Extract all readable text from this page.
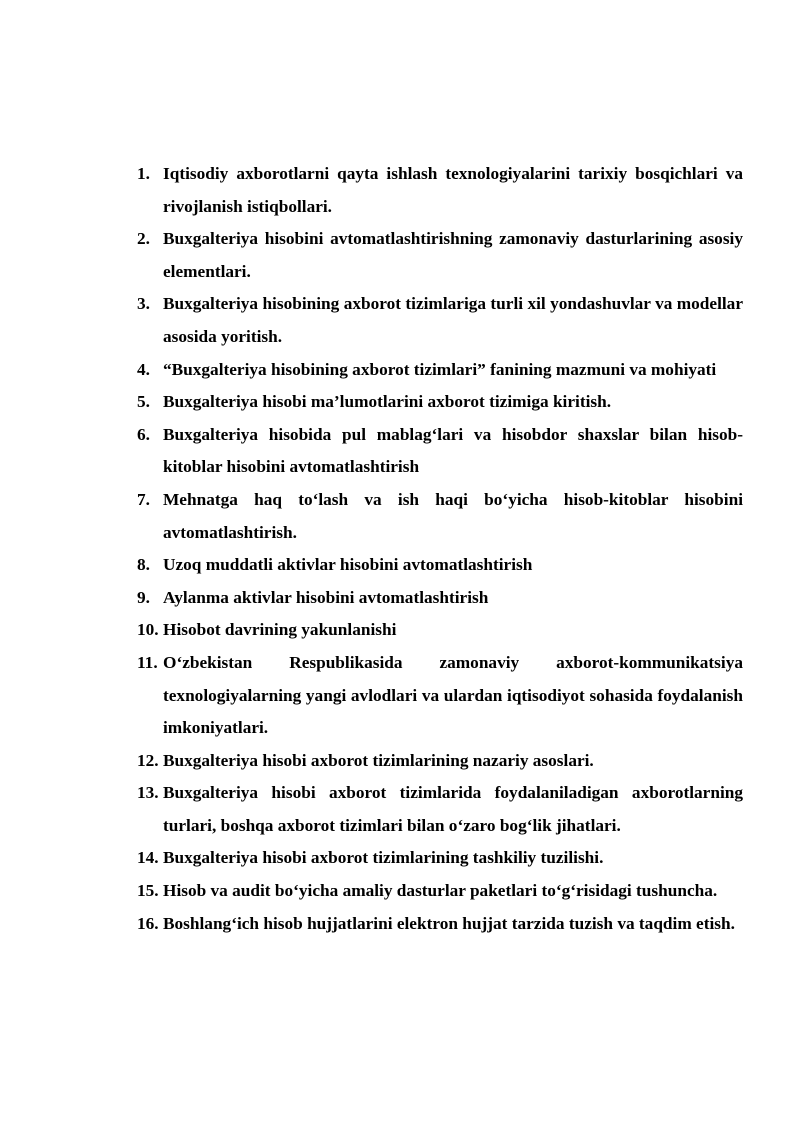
1. Iqtisodiy axborotlarni qayta ishlash texnologiyalarini tarixiy bosqichlari va rivojlanish istiqbollari.
2. Buxgalteriya hisobini avtomatlashtirishning zamonaviy dasturlarining asosiy elementlari.
3. Buxgalteriya hisobining axborot tizimlariga turli xil yondashuvlar va modellar asosida yoritish.
4. “Buxgalteriya hisobining axborot tizimlari” fanining mazmuni va mohiyati
5. Buxgalteriya hisobi ma’lumotlarini axborot tizimiga kiritish.
6. Buxgalteriya hisobida pul mablag‘lari va hisobdor shaxslar bilan hisob-kitoblar hisobini avtomatlashtirish
7. Mehnatga haq to‘lash va ish haqi bo‘yicha hisob-kitoblar hisobini avtomatlashtirish.
8. Uzoq muddatli aktivlar hisobini avtomatlashtirish
9. Aylanma aktivlar hisobini avtomatlashtirish
10. Hisobot davrining yakunlanishi
11. O‘zbekistan Respublikasida zamonaviy axborot-kommunikatsiya texnologiyalarning yangi avlodlari va ulardan iqtisodiyot sohasida foydalanish imkoniyatlari.
12. Buxgalteriya hisobi axborot tizimlarining nazariy asoslari.
13. Buxgalteriya hisobi axborot tizimlarida foydalaniladigan axborotlarning turlari, boshqa axborot tizimlari bilan o‘zaro bog‘lik jihatlari.
14. Buxgalteriya hisobi axborot tizimlarining tashkiliy tuzilishi.
15. Hisob va audit bo‘yicha amaliy dasturlar paketlari to‘g‘risidagi tushuncha.
16. Boshlang‘ich hisob hujjatlarini elektron hujjat tarzida tuzish va taqdim etish.
